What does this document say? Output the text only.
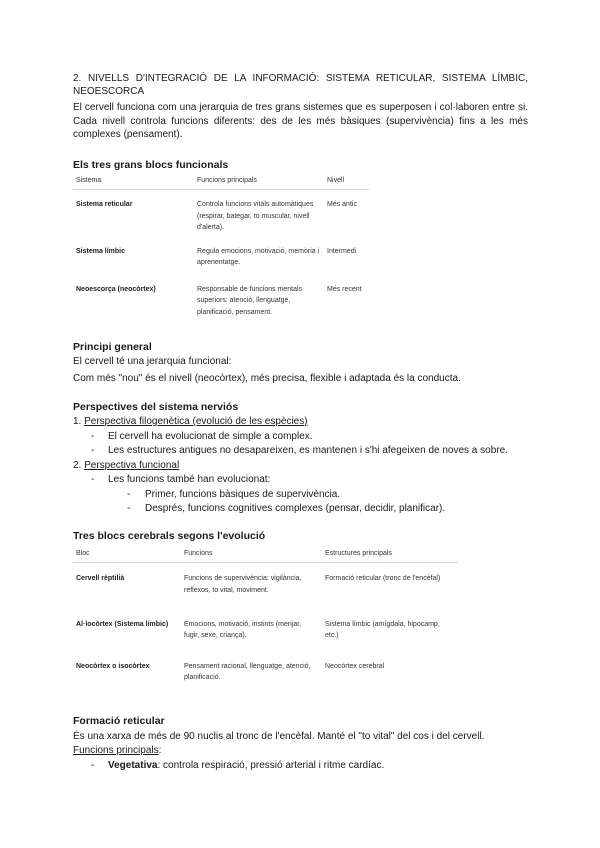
2. NIVELLS D'INTEGRACIÓ DE LA INFORMACIÓ: SISTEMA RETICULAR, SISTEMA LÍMBIC, NEOESCORCA

El cervell funciona com una jerarquia de tres grans sistemes que es superposen i col·laboren entre si. Cada nivell controla funcions diferents: des de les més bàsiques (supervivència) fins a les més complexes (pensament).

Els tres grans blocs funcionals
Sistema	Funcions principals	Nivell
Sistema reticular	Controla funcions vitals automàtiques (respirar, bategar, to muscular, nivell d'alerta).	Més antic
Sistema límbic	Regula emocions, motivació, memòria i aprenentatge.	Intermedi
Neoescorça (neocòrtex)	Responsable de funcions mentals superiors: atenció, llenguatge, planificació, pensament.	Més recent
Principi general
El cervell té una jerarquia funcional:
Com més "nou" és el nivell (neocòrtex), més precisa, flexible i adaptada és la conducta.
Perspectives del sistema nerviós
1. Perspectiva filogenètica (evolució de les espècies)
- El cervell ha evolucionat de simple a complex.
- Les estructures antigues no desapareixen, es mantenen i s'hi afegeixen de noves a sobre.
2. Perspectiva funcional
- Les funcions també han evolucionat:
- Primer, funcions bàsiques de supervivència.
- Després, funcions cognitives complexes (pensar, decidir, planificar).
Tres blocs cerebrals segons l'evolució
Bloc	Funcions	Estructures principals
Cervell rèptilià	Funcions de supervivència: vigilància, reflexos, to vital, moviment.	Formació reticular (tronc de l'encèfal)
Al·locòrtex (Sistema límbic)	Emocions, motivació, instints (menjar, fugir, sexe, criança).	Sistema límbic (amígdala, hipocamp, etc.)
Neocòrtex o isocòrtex	Pensament racional, llenguatge, atenció, planificació.	Neocòrtex cerebral
Formació reticular
És una xarxa de més de 90 nuclis al tronc de l'encèfal. Manté el "to vital" del cos i del cervell.
Funcions principals:
- Vegetativa: controla respiració, pressió arterial i ritme cardíac.
